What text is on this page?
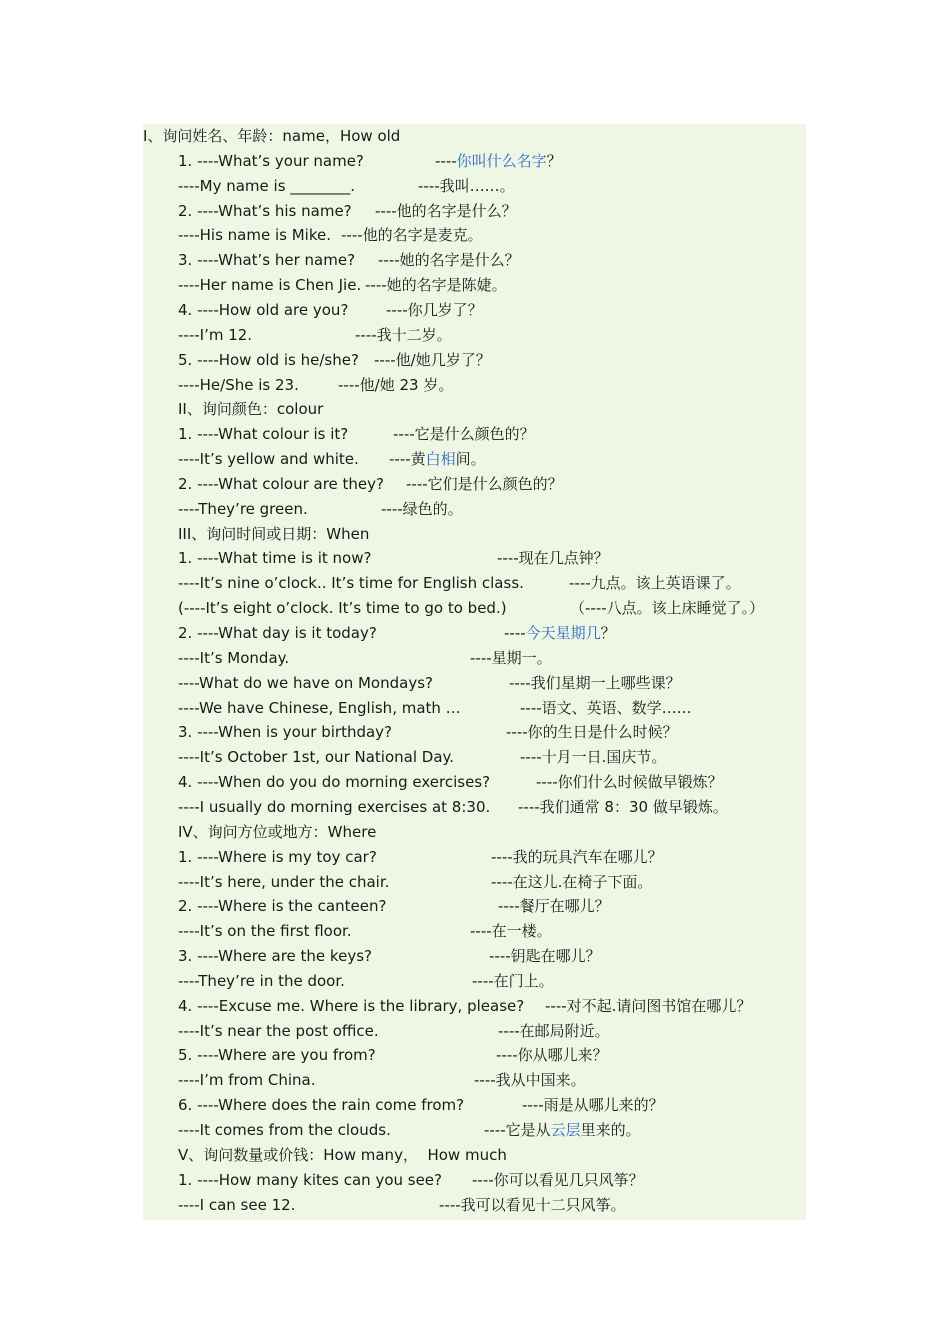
I、询问姓名、年龄：name，How old
1. ----What’s your name?	----你叫什么名字？
----My name is ________.	----我叫……。
2. ----What’s his name? ----他的名字是什么？
----His name is Mike. ----他的名字是麦克。
3. ----What’s her name? ----她的名字是什么？
----Her name is Chen Jie. ----她的名字是陈婕。
4. ----How old are you?	----你几岁了？
----I’m 12.	----我十二岁。
5. ----How old is he/she? ----他/她几岁了？
----He/She is 23.	----他/她 23 岁。
II、询问颜色：colour
1. ----What colour is it?	----它是什么颜色的？
----It’s yellow and white. ----黄白相间。
2. ----What colour are they? ----它们是什么颜色的？
----They’re green.	----绿色的。
III、询问时间或日期：When
1. ----What time is it now?	----现在几点钟？
----It’s nine o’clock.. It’s time for English class.	----九点。该上英语课了。
(----It’s eight o’clock. It’s time to go to bed.)	（----八点。该上床睡觉了。）
2. ----What day is it today?	----今天星期几？
----It’s Monday.	----星期一。
----What do we have on Mondays?	----我们星期一上哪些课？
----We have Chinese, English, math …	----语文、英语、数学……
3. ----When is your birthday?	----你的生日是什么时候？
----It’s October 1st, our National Day.	----十月一日.国庆节。
4. ----When do you do morning exercises?	----你们什么时候做早锻炼？
----I usually do morning exercises at 8:30. ----我们通常 8：30 做早锻炼。
IV、询问方位或地方：Where
1. ----Where is my toy car?	----我的玩具汽车在哪儿？
----It’s here, under the chair.	----在这儿.在椅子下面。
2. ----Where is the canteen?	----餐厅在哪儿？
----It’s on the first floor.	----在一楼。
3. ----Where are the keys?	----钥匙在哪儿？
----They’re in the door.	----在门上。
4. ----Excuse me. Where is the library, please? ----对不起.请问图书馆在哪儿？
----It’s near the post office.	----在邮局附近。
5. ----Where are you from?	----你从哪儿来？
----I’m from China.	----我从中国来。
6. ----Where does the rain come from?	----雨是从哪儿来的？
----It comes from the clouds.	----它是从云层里来的。
V、询问数量或价钱：How many，  How much
1. ----How many kites can you see? ----你可以看见几只风筝？
----I can see 12.	----我可以看见十二只风筝。
